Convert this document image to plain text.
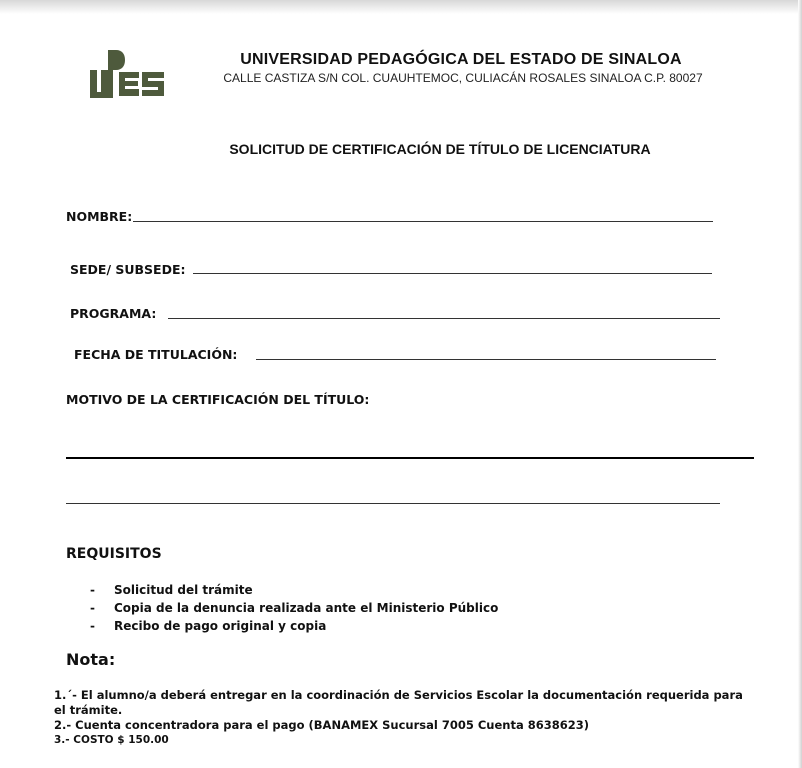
UNIVERSIDAD PEDAGÓGICA DEL ESTADO DE SINALOA
CALLE CASTIZA S/N COL. CUAUHTEMOC, CULIACÁN ROSALES SINALOA C.P. 80027
SOLICITUD DE CERTIFICACIÓN DE TÍTULO DE LICENCIATURA
NOMBRE:
SEDE/ SUBSEDE:
PROGRAMA:
FECHA DE TITULACIÓN:
MOTIVO DE LA CERTIFICACIÓN DEL TÍTULO:
REQUISITOS
- Solicitud del trámite
- Copia de la denuncia realizada ante el Ministerio Público
- Recibo de pago original y copia
Nota:
1.´- El alumno/a deberá entregar en la coordinación de Servicios Escolar la documentación requerida para el trámite.
2.- Cuenta concentradora para el pago (BANAMEX Sucursal 7005 Cuenta 8638623)
3.- COSTO $ 150.00
